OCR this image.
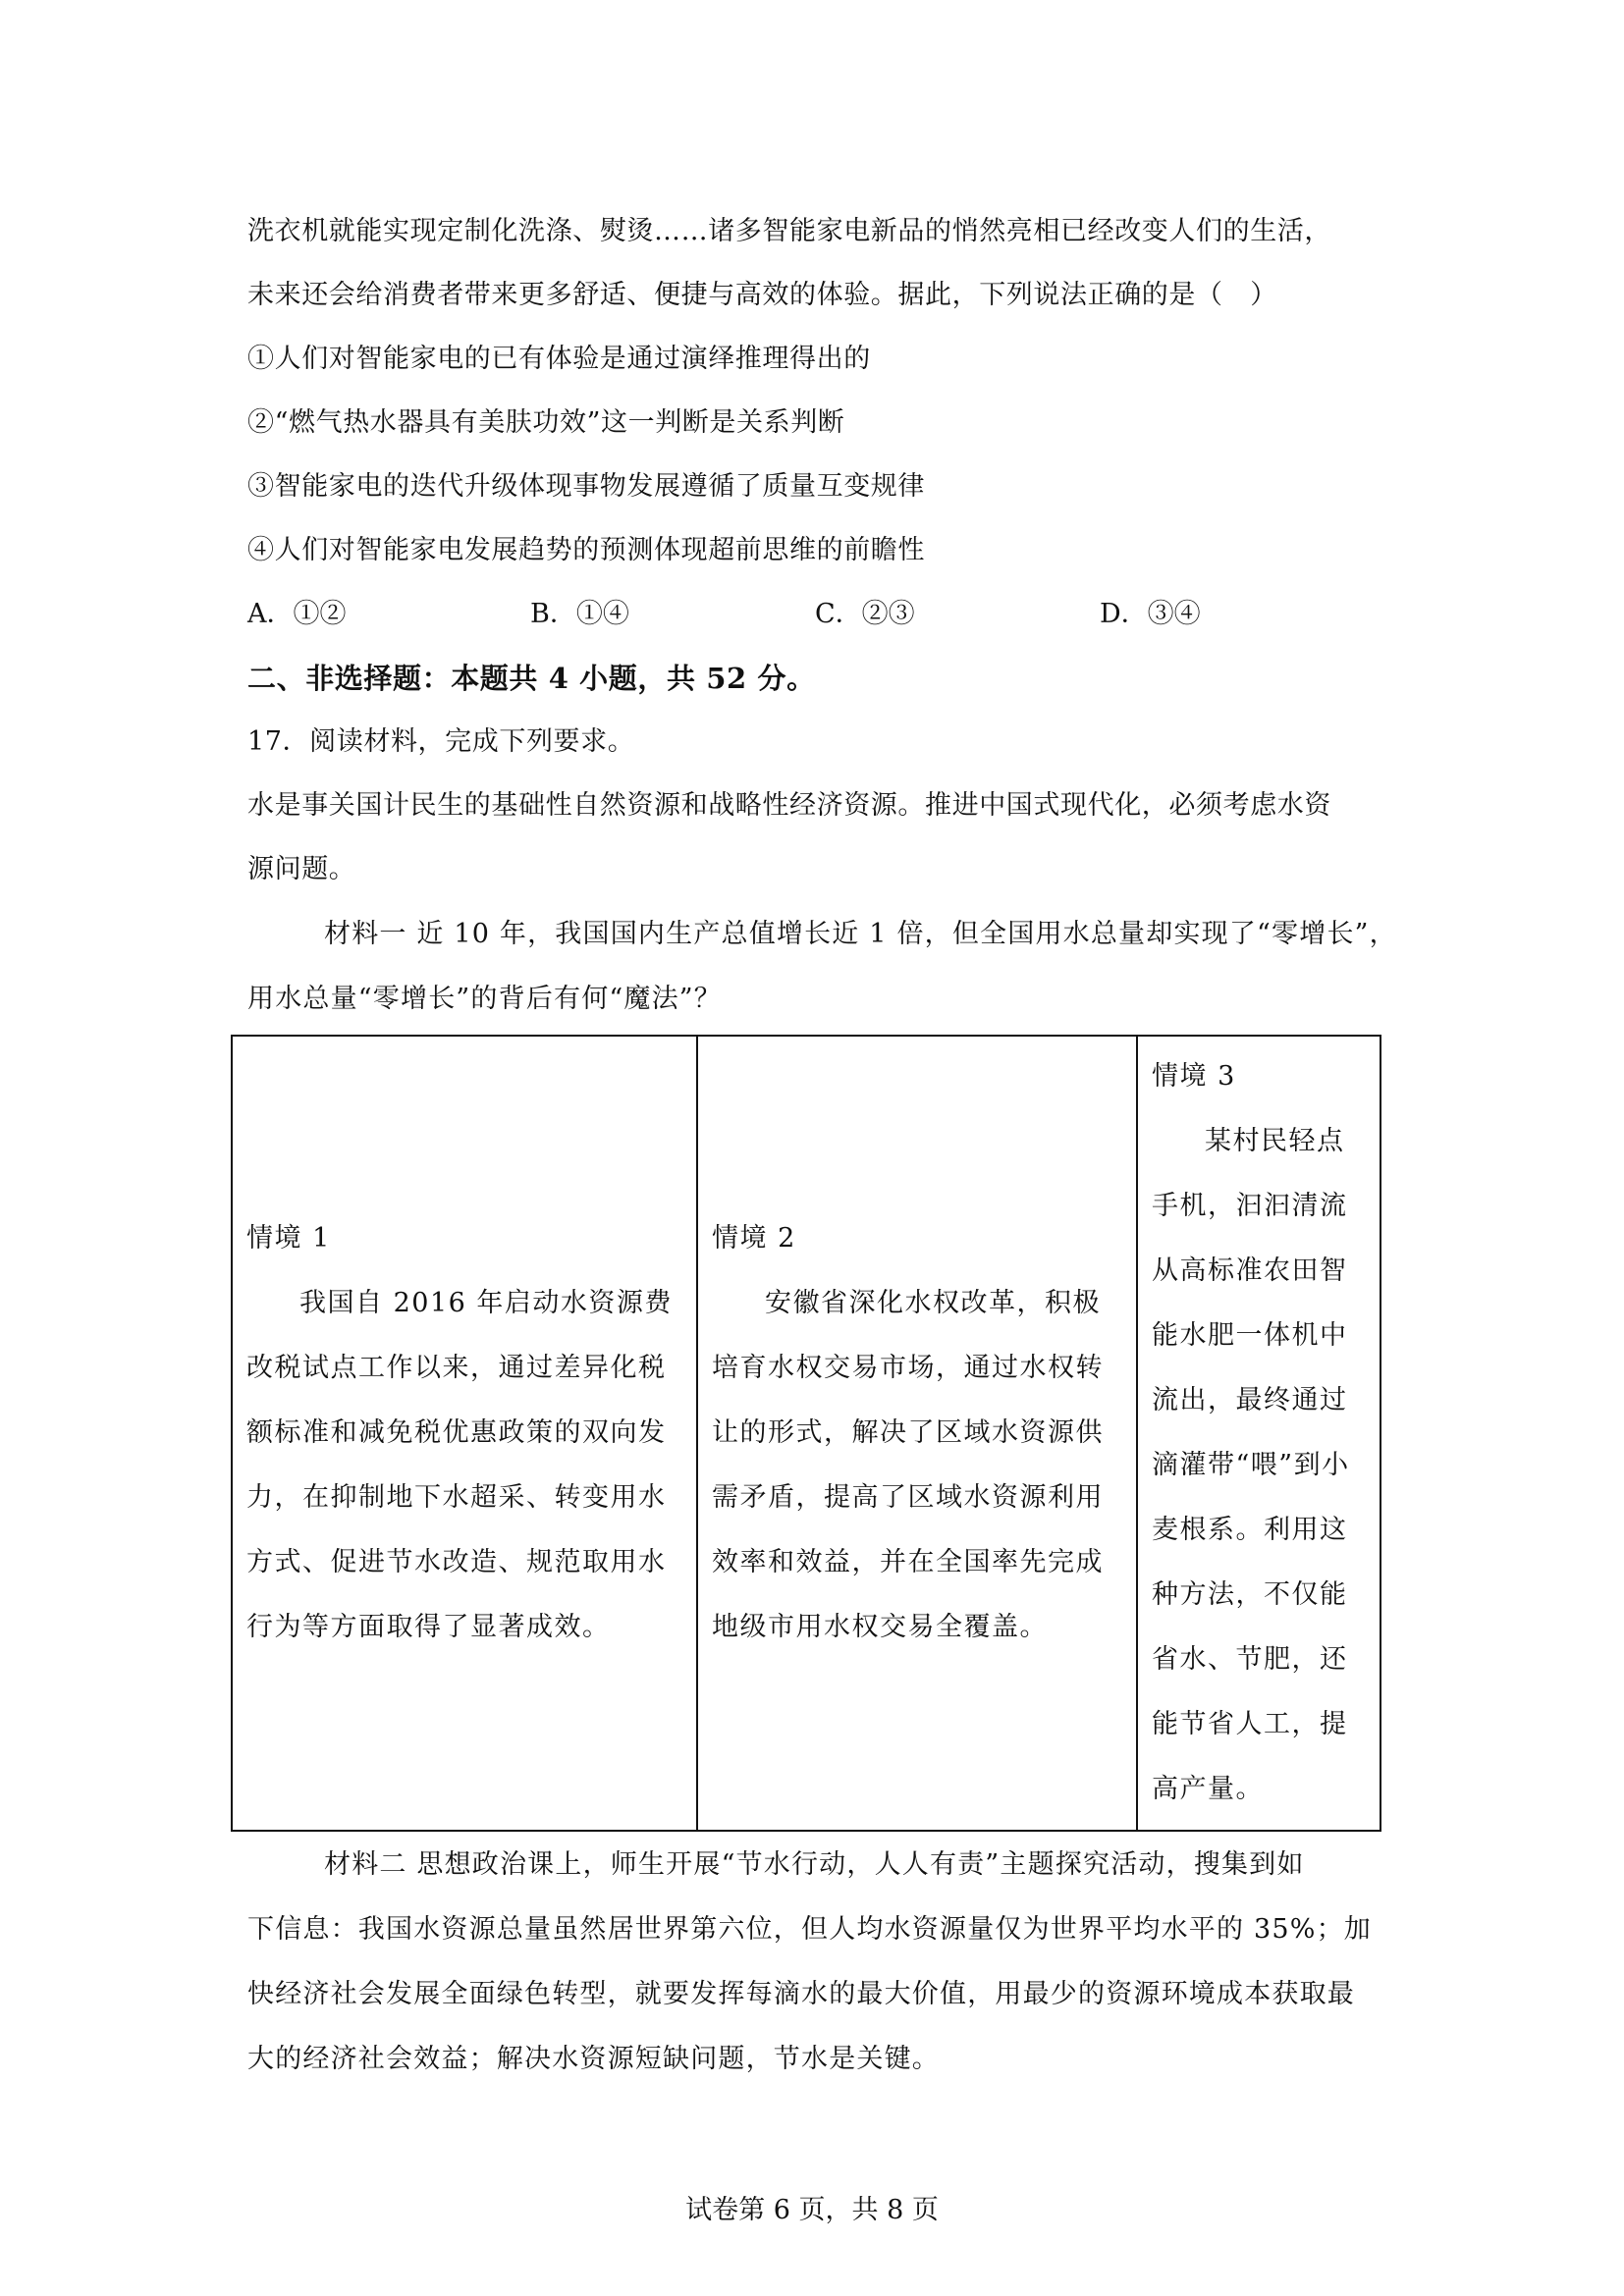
洗衣机就能实现定制化洗涤、熨烫……诸多智能家电新品的悄然亮相已经改变人们的生活，
未来还会给消费者带来更多舒适、便捷与高效的体验。据此，下列说法正确的是（　）
①人们对智能家电的已有体验是通过演绎推理得出的
②“燃气热水器具有美肤功效”这一判断是关系判断
③智能家电的迭代升级体现事物发展遵循了质量互变规律
④人们对智能家电发展趋势的预测体现超前思维的前瞻性
A．①②	B．①④	C．②③	D．③④
二、非选择题：本题共 4 小题，共 52 分。
17．阅读材料，完成下列要求。
水是事关国计民生的基础性自然资源和战略性经济资源。推进中国式现代化，必须考虑水资
源问题。
材料一 近 10 年，我国国内生产总值增长近 1 倍，但全国用水总量却实现了“零增长”，
用水总量“零增长”的背后有何“魔法”？
情境 1
我国自 2016 年启动水资源费改税试点工作以来，通过差异化税额标准和减免税优惠政策的双向发力，在抑制地下水超采、转变用水方式、促进节水改造、规范取用水行为等方面取得了显著成效。

情境 2
安徽省深化水权改革，积极培育水权交易市场，通过水权转让的形式，解决了区域水资源供需矛盾，提高了区域水资源利用效率和效益，并在全国率先完成地级市用水权交易全覆盖。

情境 3
某村民轻点手机，汩汩清流从高标准农田智能水肥一体机中流出，最终通过滴灌带“喂”到小麦根系。利用这种方法，不仅能省水、节肥，还能节省人工，提高产量。
材料二 思想政治课上，师生开展“节水行动，人人有责”主题探究活动，搜集到如
下信息：我国水资源总量虽然居世界第六位，但人均水资源量仅为世界平均水平的 35%；加
快经济社会发展全面绿色转型，就要发挥每滴水的最大价值，用最少的资源环境成本获取最
大的经济社会效益；解决水资源短缺问题，节水是关键。
试卷第 6 页，共 8 页
